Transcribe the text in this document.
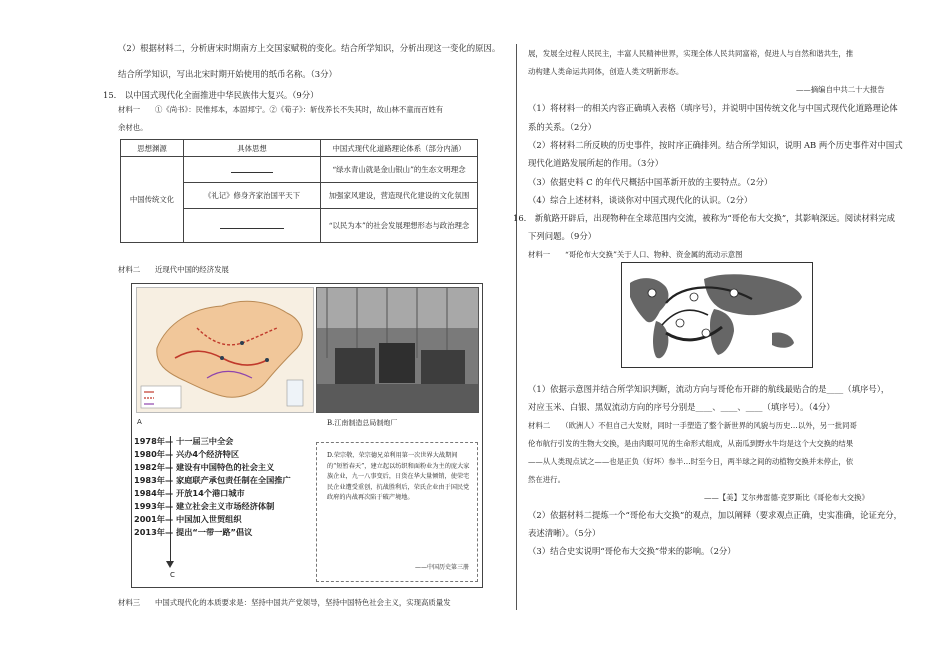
（2）根据材料二，分析唐宋时期南方上交国家赋税的变化。结合所学知识，分析出现这一变化的原因。
结合所学知识，写出北宋时期开始使用的纸币名称。（3分）
15.　以中国式现代化全面推进中华民族伟大复兴。（9分）
材料一　　①《尚书》：民惟邦本，本固邦宁。②《荀子》：斩伐养长不失其时，故山林不童而百姓有
余材也。
思想渊源	具体思想	中国式现代化道路理论体系（部分内涵）
中国传统文化		“绿水青山就是金山银山”的生态文明理念
	《礼记》修身齐家治国平天下	加强家风建设，营造现代化建设的文化氛围
		“以民为本”的社会发展理想形态与政治理念
材料二　　近现代中国的经济发展
A	B.江南制造总局制炮厂
1978年— 十一届三中全会
1980年— 兴办4个经济特区
1982年— 建设有中国特色的社会主义
1983年— 家庭联产承包责任制在全国推广
1984年— 开放14个港口城市
1993年— 建立社会主义市场经济体制
2001年— 中国加入世贸组织
2013年— 提出“一带一路”倡议
C
D.荣宗敬、荣宗德兄弟利用第一次世界大战期间的“短暂春天”，建立起以纺织和面粉业为主的庞大家族企业，九一八事变后，日货在华大量倾销，使荣宅民企业遭受重创，抗战胜利后，荣氏企业由于国民党政府的内战再次陷于破产境地。
——中国历史第三册
材料三　　中国式现代化的本质要求是：坚持中国共产党领导，坚持中国特色社会主义，实现高质量发
展，发展全过程人民民主，丰富人民精神世界，实现全体人民共同富裕，促进人与自然和谐共生，推
动构建人类命运共同体，创造人类文明新形态。
——摘编自中共二十大报告
（1）将材料一的相关内容正确填入表格（填序号），并说明中国传统文化与中国式现代化道路理论体
系的关系。（2分）
（2）将材料二所反映的历史事件，按时序正确排列。结合所学知识，说明 AB 两个历史事件对中国式
现代化道路发展所起的作用。（3分）
（3）依据史料 C 的年代尺概括中国革新开放的主要特点。（2分）
（4）综合上述材料，谈谈你对中国式现代化的认识。（2分）
16.　新航路开辟后，出现物种在全球范围内交流，被称为“哥伦布大交换”，其影响深远。阅读材料完成
下列问题。（9分）
材料一　　“哥伦布大交换”关于人口、物种、资金属的流动示意图
（1）依据示意图并结合所学知识判断，流动方向与哥伦布开辟的航线最贴合的是____（填序号），
对应玉米、白银、黑奴流动方向的序号分别是____、____、____（填序号）。（4分）
材料二　　（欧洲人）不但自己大发财，同时一手塑造了整个新世界的风貌与历史…以外，另一批同哥
伦布航行引发的生物大交换，是由肉眼可见的生命形式组成，从南瓜到野水牛均是这个大交换的结果
——从人类现点试之——也是正负（好坏）参半…时至今日，两半球之间的动植物交换并未停止，依
然在进行。
——【美】艾尔弗雷德·克罗斯比《哥伦布大交换》
（2）依据材料二提炼一个“哥伦布大交换”的观点，加以阐释（要求观点正确，史实准确，论证充分，
表述清晰）。（5分）
（3）结合史实说明“哥伦布大交换”带来的影响。（2分）
